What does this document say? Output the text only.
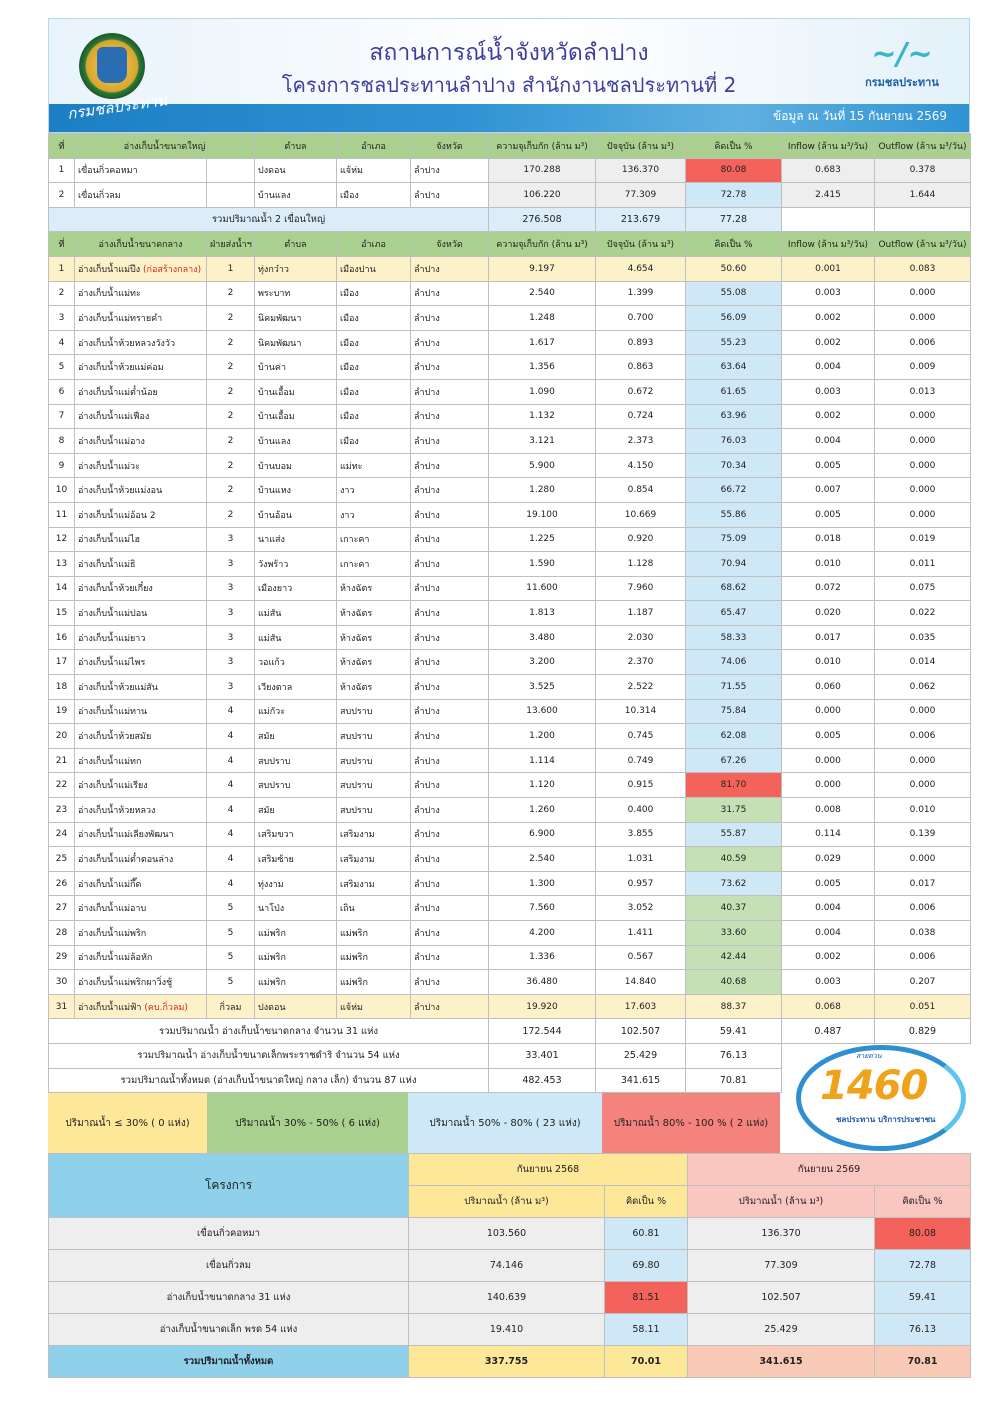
สถานการณ์น้ำจังหวัดลำปาง
โครงการชลประทานลำปาง สำนักงานชลประทานที่ 2
~/~
กรมชลประทาน
กรมชลประทาน	ข้อมูล ณ วันที่ 15 กันยายน 2569
ที่	อ่างเก็บน้ำขนาดใหญ่		ตำบล	อำเภอ	จังหวัด	ความจุเก็บกัก (ล้าน ม³)	ปัจจุบัน (ล้าน ม³)	คิดเป็น %	Inflow (ล้าน ม³/วัน)	Outflow (ล้าน ม³/วัน)
1	เขื่อนกิ่วคอหมา		ปงดอน	แจ้ห่ม	ลำปาง	170.288	136.370	80.08	0.683	0.378
2	เขื่อนกิ่วลม		บ้านแลง	เมือง	ลำปาง	106.220	77.309	72.78	2.415	1.644
รวมปริมาณน้ำ 2 เขื่อนใหญ่						276.508	213.679	77.28		
ที่	อ่างเก็บน้ำขนาดกลาง	ฝ่ายส่งน้ำฯ	ตำบล	อำเภอ	จังหวัด	ความจุเก็บกัก (ล้าน ม³)	ปัจจุบัน (ล้าน ม³)	คิดเป็น %	Inflow (ล้าน ม³/วัน)	Outflow (ล้าน ม³/วัน)
1	อ่างเก็บน้ำแม่ปึง (ก่อสร้างกลาง)	1	ทุ่งกว๋าว	เมืองปาน	ลำปาง	9.197	4.654	50.60	0.001	0.083
2	อ่างเก็บน้ำแม่ทะ	2	พระบาท	เมือง	ลำปาง	2.540	1.399	55.08	0.003	0.000
3	อ่างเก็บน้ำแม่ทรายคำ	2	นิคมพัฒนา	เมือง	ลำปาง	1.248	0.700	56.09	0.002	0.000
4	อ่างเก็บน้ำห้วยหลวงวังวัว	2	นิคมพัฒนา	เมือง	ลำปาง	1.617	0.893	55.23	0.002	0.006
5	อ่างเก็บน้ำห้วยแม่ค่อม	2	บ้านค่า	เมือง	ลำปาง	1.356	0.863	63.64	0.004	0.009
6	อ่างเก็บน้ำแม่ต๋ำน้อย	2	บ้านเอื้อม	เมือง	ลำปาง	1.090	0.672	61.65	0.003	0.013
7	อ่างเก็บน้ำแม่เฟือง	2	บ้านเอื้อม	เมือง	ลำปาง	1.132	0.724	63.96	0.002	0.000
8	อ่างเก็บน้ำแม่อาง	2	บ้านแลง	เมือง	ลำปาง	3.121	2.373	76.03	0.004	0.000
9	อ่างเก็บน้ำแม่วะ	2	บ้านบอม	แม่ทะ	ลำปาง	5.900	4.150	70.34	0.005	0.000
10	อ่างเก็บน้ำห้วยแม่งอน	2	บ้านแหง	งาว	ลำปาง	1.280	0.854	66.72	0.007	0.000
11	อ่างเก็บน้ำแม่อ้อน 2	2	บ้านอ้อน	งาว	ลำปาง	19.100	10.669	55.86	0.005	0.000
12	อ่างเก็บน้ำแม่ไฮ	3	นาแส่ง	เกาะคา	ลำปาง	1.225	0.920	75.09	0.018	0.019
13	อ่างเก็บน้ำแม่ธิ	3	วังพร้าว	เกาะคา	ลำปาง	1.590	1.128	70.94	0.010	0.011
14	อ่างเก็บน้ำห้วยเกี๋ยง	3	เมืองยาว	ห้างฉัตร	ลำปาง	11.600	7.960	68.62	0.072	0.075
15	อ่างเก็บน้ำแม่ปอน	3	แม่สัน	ห้างฉัตร	ลำปาง	1.813	1.187	65.47	0.020	0.022
16	อ่างเก็บน้ำแม่ยาว	3	แม่สัน	ห้างฉัตร	ลำปาง	3.480	2.030	58.33	0.017	0.035
17	อ่างเก็บน้ำแม่ไพร	3	วอแก้ว	ห้างฉัตร	ลำปาง	3.200	2.370	74.06	0.010	0.014
18	อ่างเก็บน้ำห้วยแม่สัน	3	เวียงตาล	ห้างฉัตร	ลำปาง	3.525	2.522	71.55	0.060	0.062
19	อ่างเก็บน้ำแม่ทาน	4	แม่กัวะ	สบปราบ	ลำปาง	13.600	10.314	75.84	0.000	0.000
20	อ่างเก็บน้ำห้วยสมัย	4	สมัย	สบปราบ	ลำปาง	1.200	0.745	62.08	0.005	0.006
21	อ่างเก็บน้ำแม่ทก	4	สบปราบ	สบปราบ	ลำปาง	1.114	0.749	67.26	0.000	0.000
22	อ่างเก็บน้ำแม่เรียง	4	สบปราบ	สบปราบ	ลำปาง	1.120	0.915	81.70	0.000	0.000
23	อ่างเก็บน้ำห้วยหลวง	4	สมัย	สบปราบ	ลำปาง	1.260	0.400	31.75	0.008	0.010
24	อ่างเก็บน้ำแม่เลียงพัฒนา	4	เสริมขวา	เสริมงาม	ลำปาง	6.900	3.855	55.87	0.114	0.139
25	อ่างเก็บน้ำแม่ต๋ำตอนล่าง	4	เสริมซ้าย	เสริมงาม	ลำปาง	2.540	1.031	40.59	0.029	0.000
26	อ่างเก็บน้ำแม่กึ๊ด	4	ทุ่งงาม	เสริมงาม	ลำปาง	1.300	0.957	73.62	0.005	0.017
27	อ่างเก็บน้ำแม่อาบ	5	นาโป่ง	เถิน	ลำปาง	7.560	3.052	40.37	0.004	0.006
28	อ่างเก็บน้ำแม่พริก	5	แม่พริก	แม่พริก	ลำปาง	4.200	1.411	33.60	0.004	0.038
29	อ่างเก็บน้ำแม่ล้อหัก	5	แม่พริก	แม่พริก	ลำปาง	1.336	0.567	42.44	0.002	0.006
30	อ่างเก็บน้ำแม่พริกผาวิ่งชู้	5	แม่พริก	แม่พริก	ลำปาง	36.480	14.840	40.68	0.003	0.207
31	อ่างเก็บน้ำแม่ฟ้า (คบ.กิ่วลม)	กิ่วลม	ปงดอน	แจ้ห่ม	ลำปาง	19.920	17.603	88.37	0.068	0.051
รวมปริมาณน้ำ อ่างเก็บน้ำขนาดกลาง จำนวน 31 แห่ง						172.544	102.507	59.41	0.487	0.829
รวมปริมาณน้ำ อ่างเก็บน้ำขนาดเล็กพระราชดำริ จำนวน 54 แห่ง						33.401	25.429	76.13		
รวมปริมาณน้ำทั้งหมด (อ่างเก็บน้ำขนาดใหญ่ กลาง เล็ก) จำนวน 87 แห่ง						482.453	341.615	70.81		
ปริมาณน้ำ ≤ 30% ( 0 แห่ง)	ปริมาณน้ำ 30% - 50% ( 6 แห่ง)	ปริมาณน้ำ 50% - 80% ( 23 แห่ง)	ปริมาณน้ำ 80% - 100 % ( 2 แห่ง)
สายด่วน
1460
ชลประทาน บริการประชาชน
โครงการ	กันยายน 2568		กันยายน 2569	
	ปริมาณน้ำ (ล้าน ม³)	คิดเป็น %	ปริมาณน้ำ (ล้าน ม³)	คิดเป็น %
เขื่อนกิ่วคอหมา	103.560	60.81	136.370	80.08
เขื่อนกิ่วลม	74.146	69.80	77.309	72.78
อ่างเก็บน้ำขนาดกลาง 31 แห่ง	140.639	81.51	102.507	59.41
อ่างเก็บน้ำขนาดเล็ก พรด 54 แห่ง	19.410	58.11	25.429	76.13
รวมปริมาณน้ำทั้งหมด	337.755	70.01	341.615	70.81
